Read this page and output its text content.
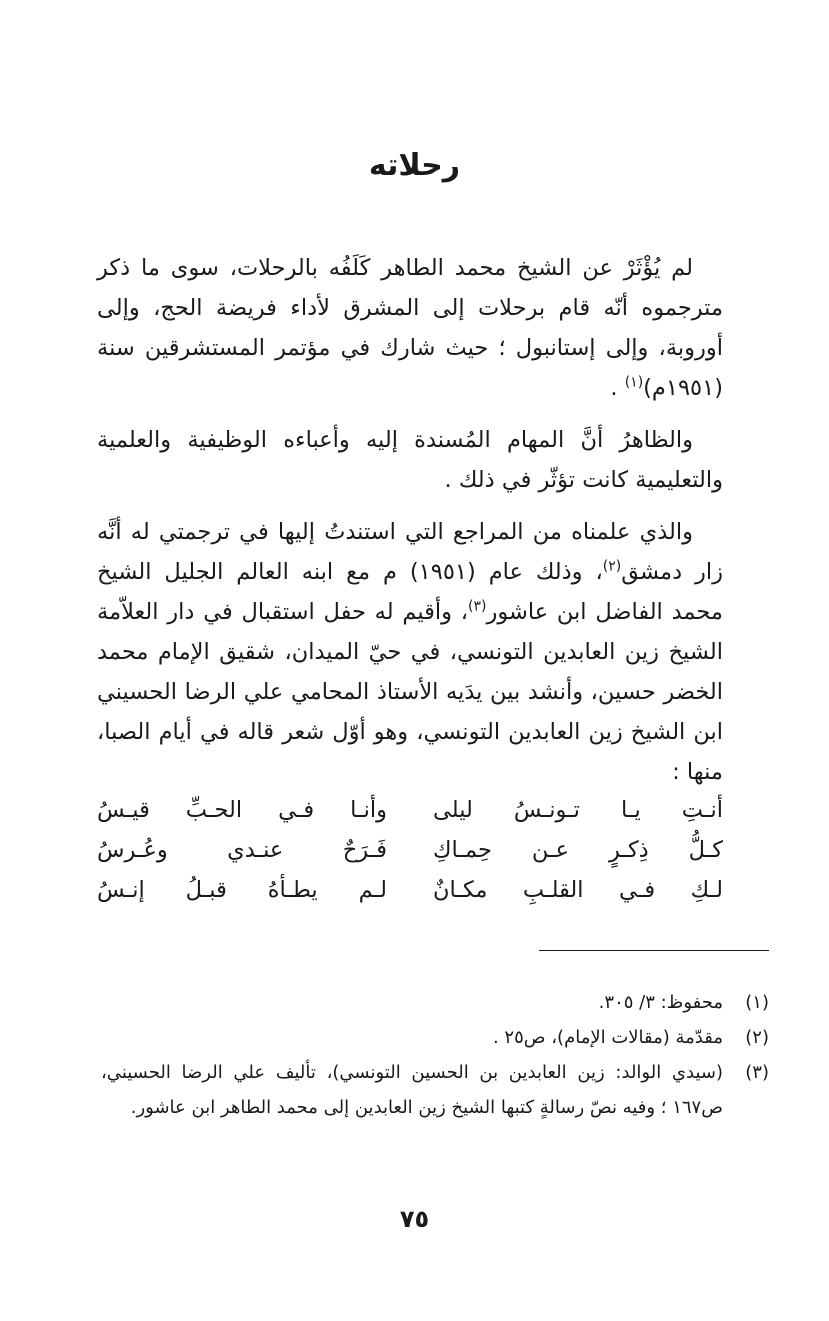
رحلاته

لم يُؤْثَرْ عن الشيخ محمد الطاهر كَلَفُه بالرحلات، سوى ما ذكر مترجموه أنّه قام برحلات إلى المشرق لأداء فريضة الحج، وإلى أوروبة، وإلى إستانبول ؛ حيث شارك في مؤتمر المستشرقين سنة (١٩٥١م)$^{(١)}$ .

والظاهرُ أنَّ المهام المُسندة إليه وأعباءه الوظيفية والعلمية والتعليمية كانت تؤثّر في ذلك .

والذي علمناه من المراجع التي استندتُ إليها في ترجمتي له أنَّه زار دمشق$^{(٢)}$، وذلك عام (١٩٥١) م مع ابنه العالم الجليل الشيخ محمد الفاضل ابن عاشور$^{(٣)}$، وأقيم له حفل استقبال في دار العلاّمة الشيخ زين العابدين التونسي، في حيّ الميدان، شقيق الإمام محمد الخضر حسين، وأنشد بين يدَيه الأستاذ المحامي علي الرضا الحسيني ابن الشيخ زين العابدين التونسي، وهو أوّل شعر قاله في أيام الصبا، منها :

أنـتِ يـا تـونـسُ ليلى
وأنـا فـي الحـبِّ قيـسُ
كـلُّ ذِكـرٍ عـن حِمـاكِ
فَـرَحٌ عنـدي وعُـرسُ
لـكِ فـي القلـبِ مكـانٌ
لـم يطـأهُ قبـلُ إنـسُ
(١)
محفوظ: ٣/ ٣٠٥.
(٢)
مقدّمة (مقالات الإمام)، ص٢٥ .
(٣)
(سيدي الوالد: زين العابدين بن الحسين التونسي)، تأليف علي الرضا الحسيني، ص١٦٧ ؛ وفيه نصّ رسالةٍ كتبها الشيخ زين العابدين إلى محمد الطاهر ابن عاشور.
٧٥
